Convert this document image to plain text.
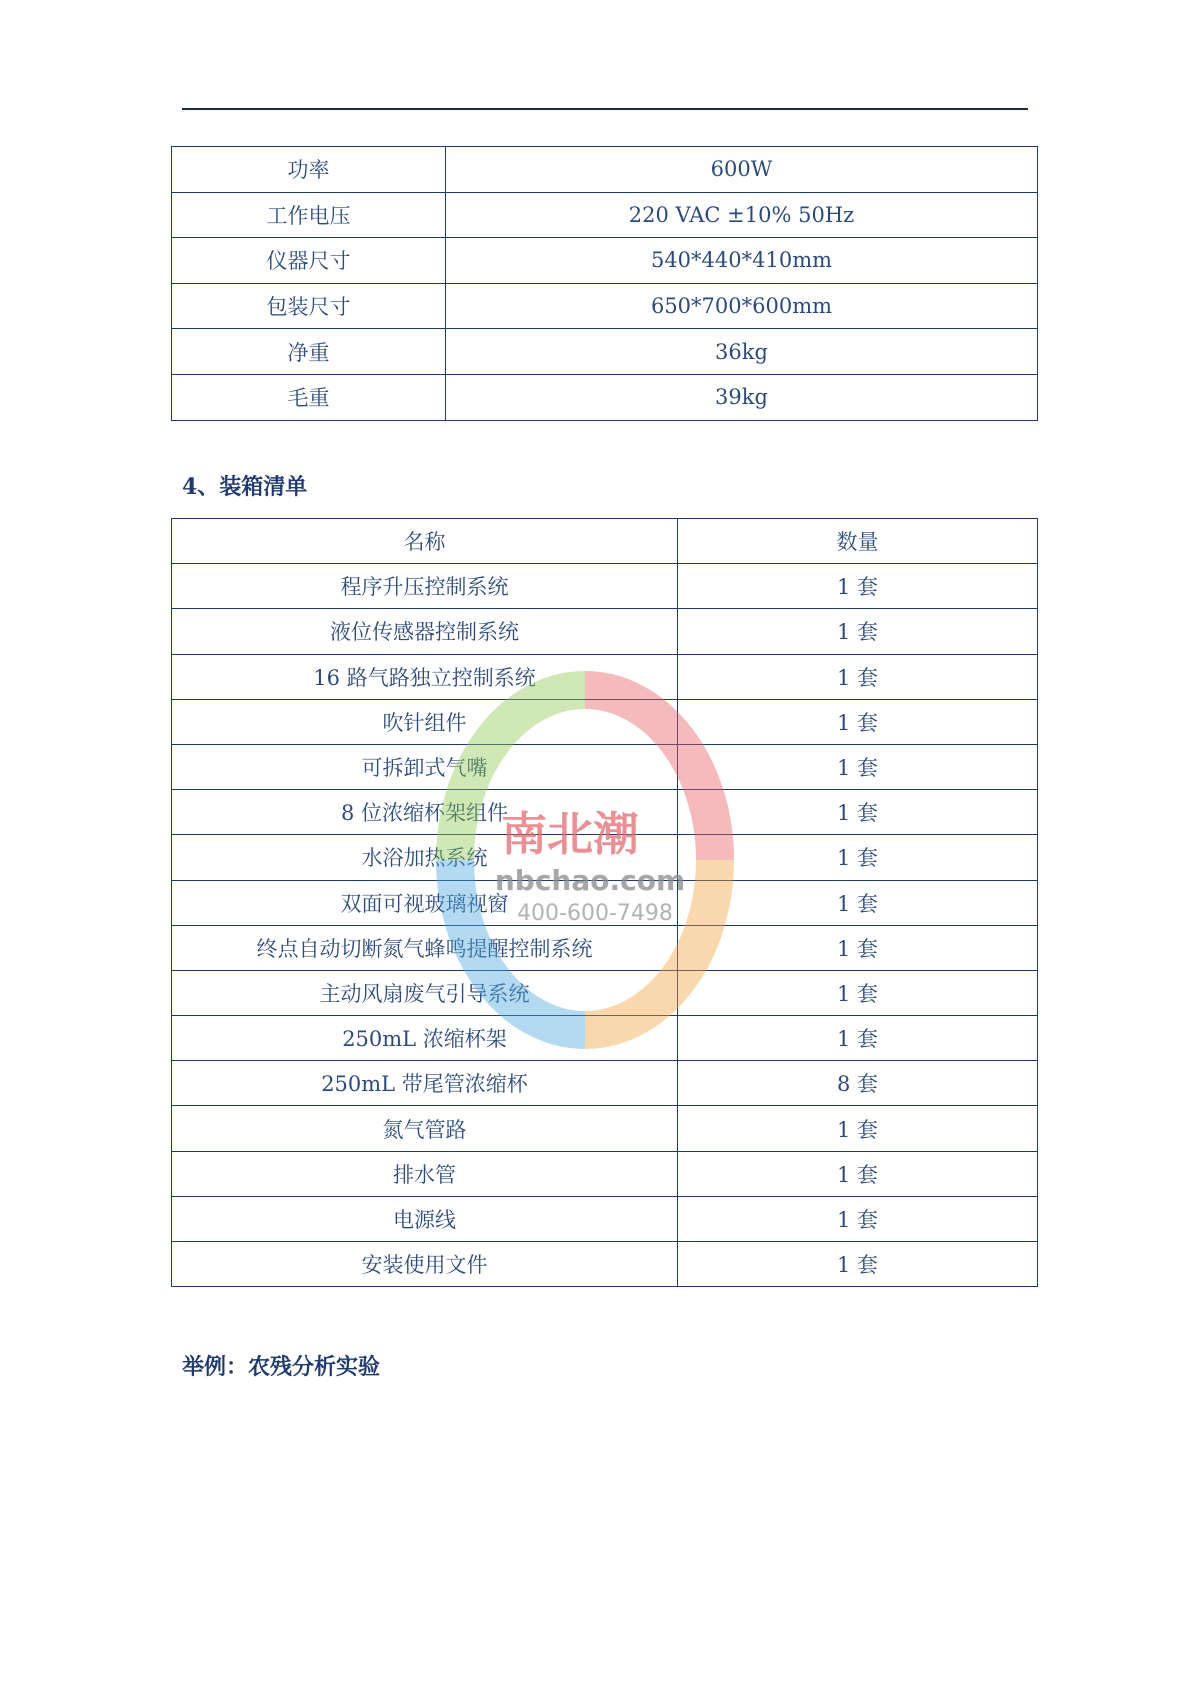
功率	600W
工作电压	220 VAC ±10% 50Hz
仪器尺寸	540*440*410mm
包装尺寸	650*700*600mm
净重	36kg
毛重	39kg
4、装箱清单
名称	数量
程序升压控制系统	1 套
液位传感器控制系统	1 套
16 路气路独立控制系统	1 套
吹针组件	1 套
可拆卸式气嘴	1 套
8 位浓缩杯架组件	1 套
水浴加热系统	1 套
双面可视玻璃视窗	1 套
终点自动切断氮气蜂鸣提醒控制系统	1 套
主动风扇废气引导系统	1 套
250mL 浓缩杯架	1 套
250mL 带尾管浓缩杯	8 套
氮气管路	1 套
排水管	1 套
电源线	1 套
安装使用文件	1 套
举例：农残分析实验
南北潮
nbchao.com
400-600-7498
